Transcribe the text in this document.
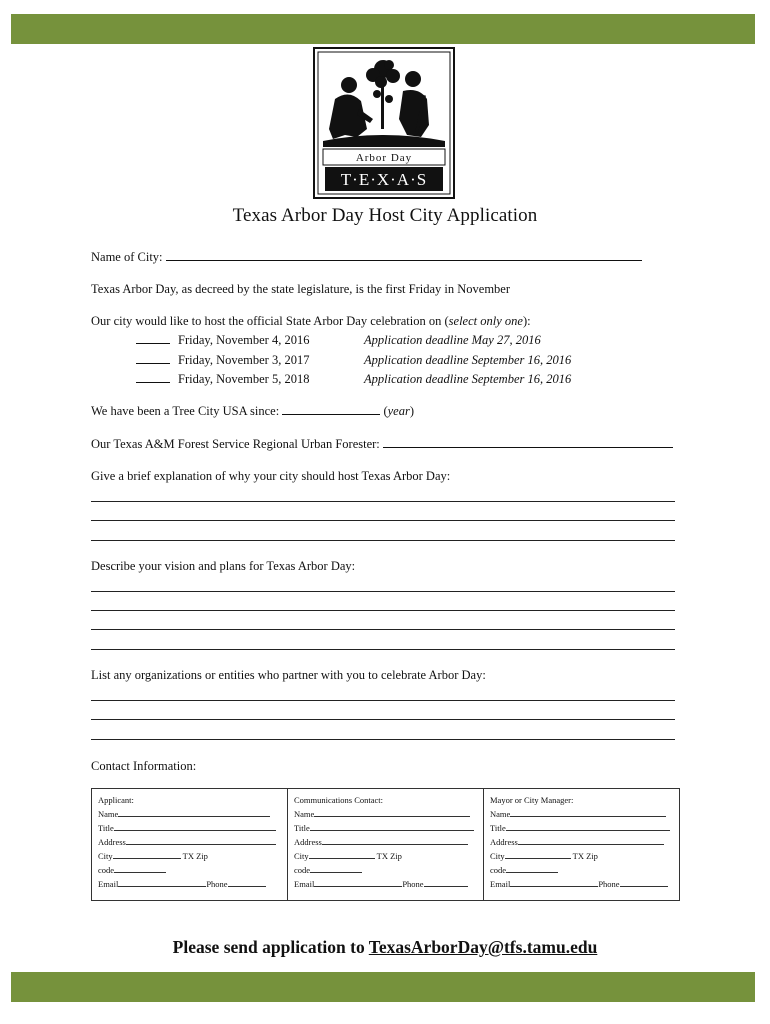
Arbor Day
T·E·X·A·S
Texas Arbor Day Host City Application
Name of City:
Texas Arbor Day, as decreed by the state legislature, is the first Friday in November
Our city would like to host the official State Arbor Day celebration on (select only one):
Friday, November 4, 2016	Application deadline May 27, 2016
Friday, November 3, 2017	Application deadline September 16, 2016
Friday, November 5, 2018	Application deadline September 16, 2016
We have been a Tree City USA since:	(year)
Our Texas A&M Forest Service Regional Urban Forester:
Give a brief explanation of why your city should host Texas Arbor Day:
Describe your vision and plans for Texas Arbor Day:
List any organizations or entities who partner with you to celebrate Arbor Day:
Contact Information:
Applicant:
Name
Title
Address
City	TX Zip
code
Email	Phone
Communications Contact:
Name
Title
Address
City	TX Zip
code
Email	Phone
Mayor or City Manager:
Name
Title
Address
City	TX Zip
code
Email	Phone
Please send application to TexasArborDay@tfs.tamu.edu
